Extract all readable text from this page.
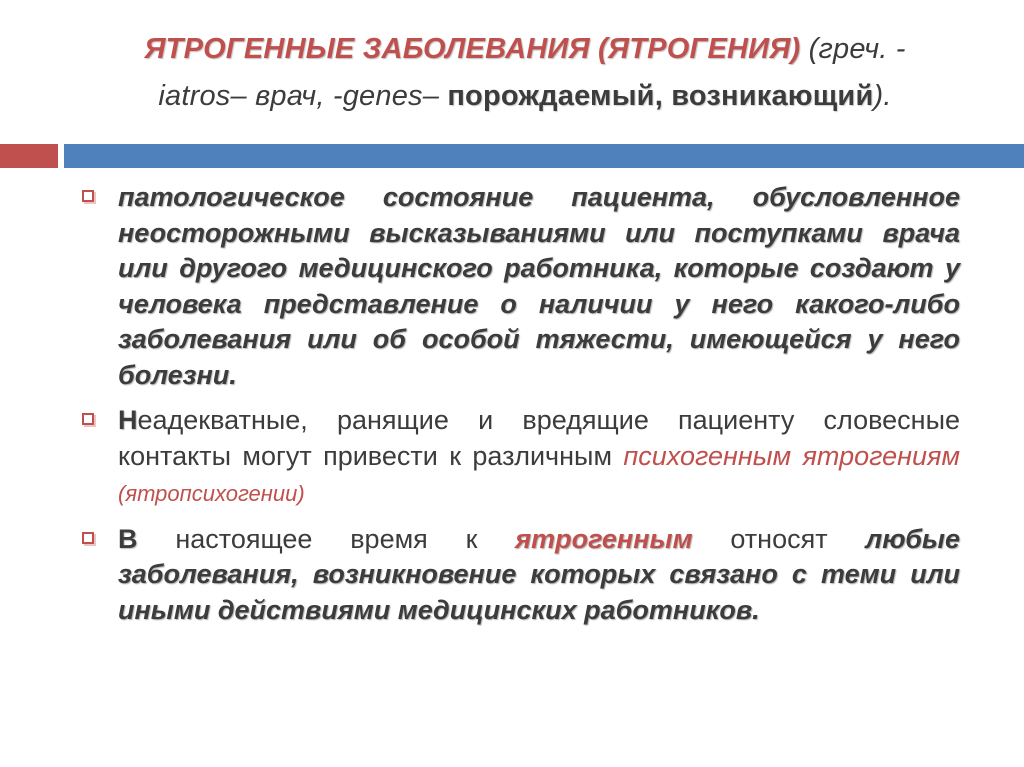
ЯТРОГЕННЫЕ ЗАБОЛЕВАНИЯ (ЯТРОГЕНИЯ) (греч. -
iatros– врач, -genes– порождаемый, возникающий).
патологическое состояние пациента, обусловленное неосторожными высказываниями или поступками врача или другого медицинского работника, которые создают у человека представление о наличии у него какого-либо заболевания или об особой тяжести, имеющейся у него болезни.
Неадекватные, ранящие и вредящие пациенту словесные контакты могут привести к различным психогенным ятрогениям (ятропсихогении)
В настоящее время к ятрогенным относят любые заболевания, возникновение которых связано с теми или иными действиями медицинских работников.
